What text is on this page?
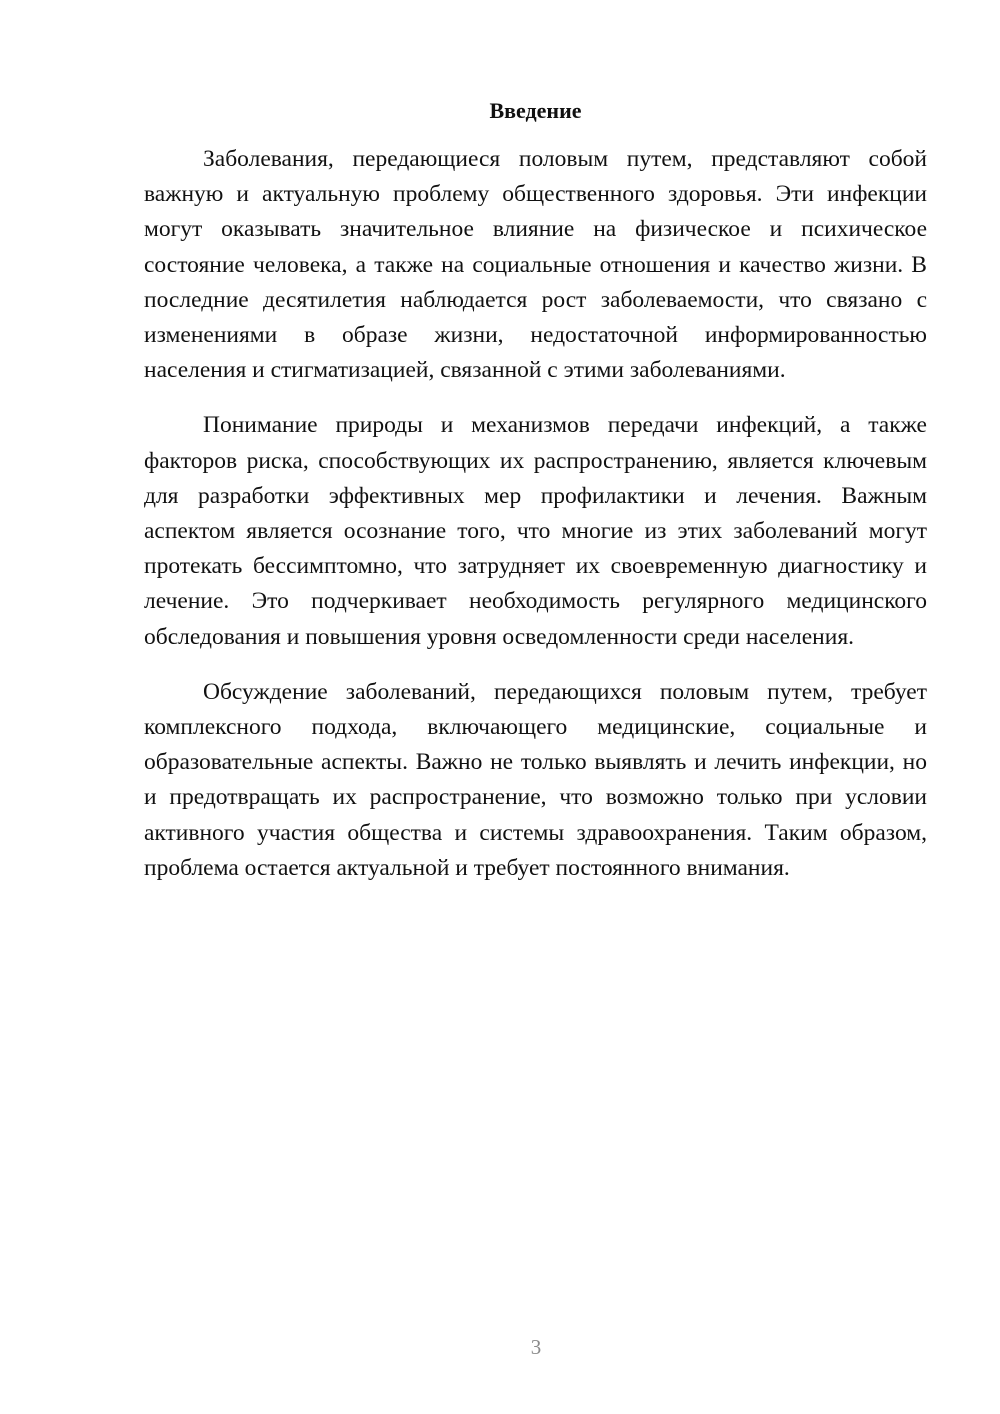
Введение

Заболевания, передающиеся половым путем, представляют собой важную и актуальную проблему общественного здоровья. Эти инфекции могут оказывать значительное влияние на физическое и психическое состояние человека, а также на социальные отношения и качество жизни. В последние десятилетия наблюдается рост заболеваемости, что связано с изменениями в образе жизни, недостаточной информированностью населения и стигматизацией, связанной с этими заболеваниями.

Понимание природы и механизмов передачи инфекций, а также факторов риска, способствующих их распространению, является ключевым для разработки эффективных мер профилактики и лечения. Важным аспектом является осознание того, что многие из этих заболеваний могут протекать бессимптомно, что затрудняет их своевременную диагностику и лечение. Это подчеркивает необходимость регулярного медицинского обследования и повышения уровня осведомленности среди населения.

Обсуждение заболеваний, передающихся половым путем, требует комплексного подхода, включающего медицинские, социальные и образовательные аспекты. Важно не только выявлять и лечить инфекции, но и предотвращать их распространение, что возможно только при условии активного участия общества и системы здравоохранения. Таким образом, проблема остается актуальной и требует постоянного внимания.

3
